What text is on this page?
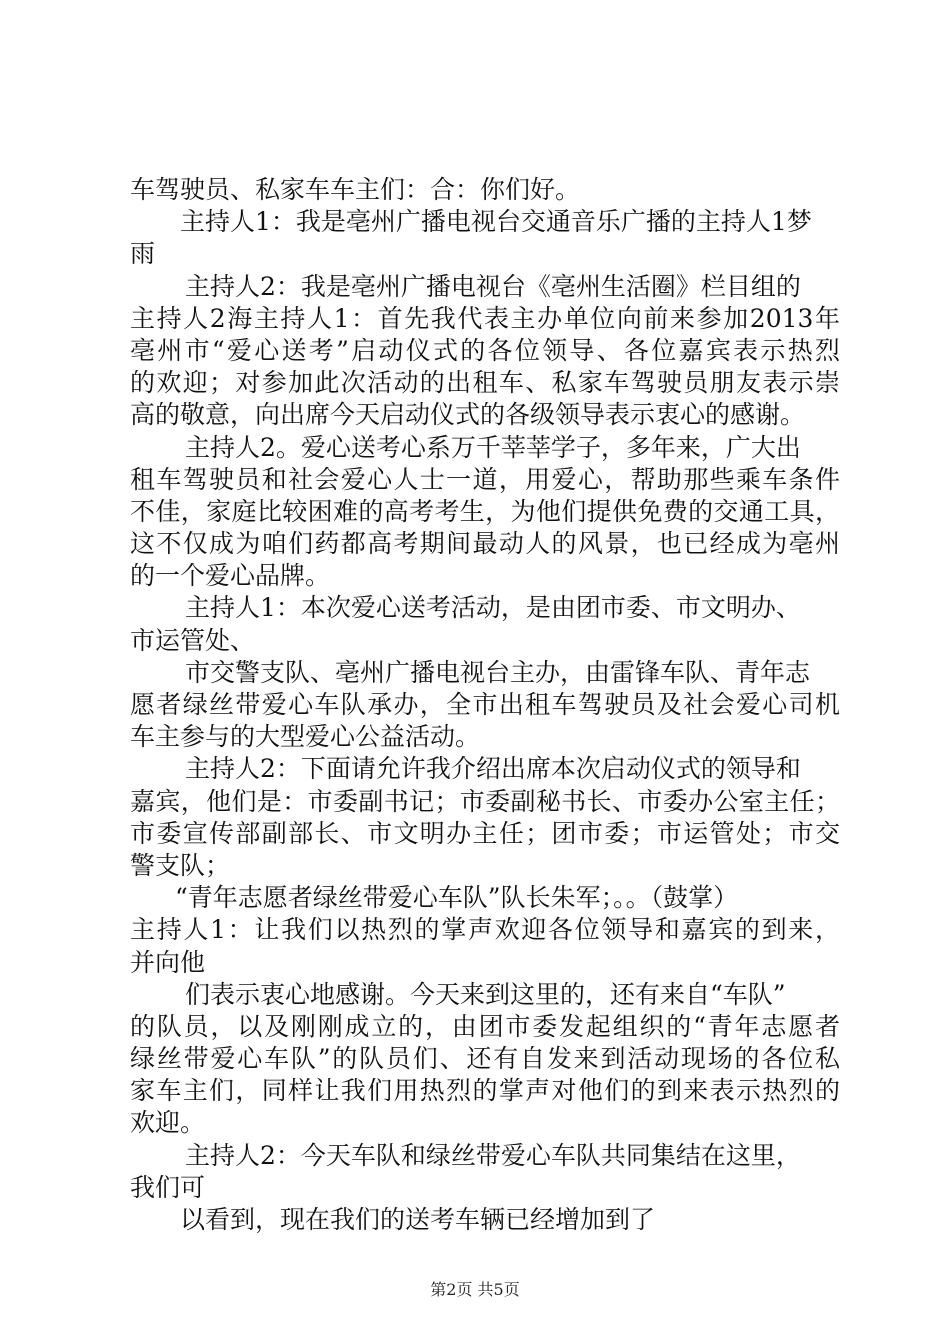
车驾驶员、私家车车主们：合：你们好。
主持人1：我是亳州广播电视台交通音乐广播的主持人1梦
雨
主持人2：我是亳州广播电视台《亳州生活圈》栏目组的
主持人2海主持人1：首先我代表主办单位向前来参加2013年
亳州市“爱心送考”启动仪式的各位领导、各位嘉宾表示热烈
的欢迎；对参加此次活动的出租车、私家车驾驶员朋友表示崇
高的敬意，向出席今天启动仪式的各级领导表示衷心的感谢。
主持人2。爱心送考心系万千莘莘学子，多年来，广大出
租车驾驶员和社会爱心人士一道，用爱心，帮助那些乘车条件
不佳，家庭比较困难的高考考生，为他们提供免费的交通工具，
这不仅成为咱们药都高考期间最动人的风景，也已经成为亳州
的一个爱心品牌。
主持人1：本次爱心送考活动，是由团市委、市文明办、
市运管处、
市交警支队、亳州广播电视台主办，由雷锋车队、青年志
愿者绿丝带爱心车队承办，全市出租车驾驶员及社会爱心司机
车主参与的大型爱心公益活动。
主持人2：下面请允许我介绍出席本次启动仪式的领导和
嘉宾，他们是：市委副书记；市委副秘书长、市委办公室主任；
市委宣传部副部长、市文明办主任；团市委；市运管处；市交
警支队；
“青年志愿者绿丝带爱心车队”队长朱军；。。（鼓掌）
主持人1：让我们以热烈的掌声欢迎各位领导和嘉宾的到来，
并向他
们表示衷心地感谢。今天来到这里的，还有来自“车队”
的队员，以及刚刚成立的，由团市委发起组织的“青年志愿者
绿丝带爱心车队”的队员们、还有自发来到活动现场的各位私
家车主们，同样让我们用热烈的掌声对他们的到来表示热烈的
欢迎。
主持人2：今天车队和绿丝带爱心车队共同集结在这里，
我们可
以看到，现在我们的送考车辆已经增加到了
第2页 共5页
